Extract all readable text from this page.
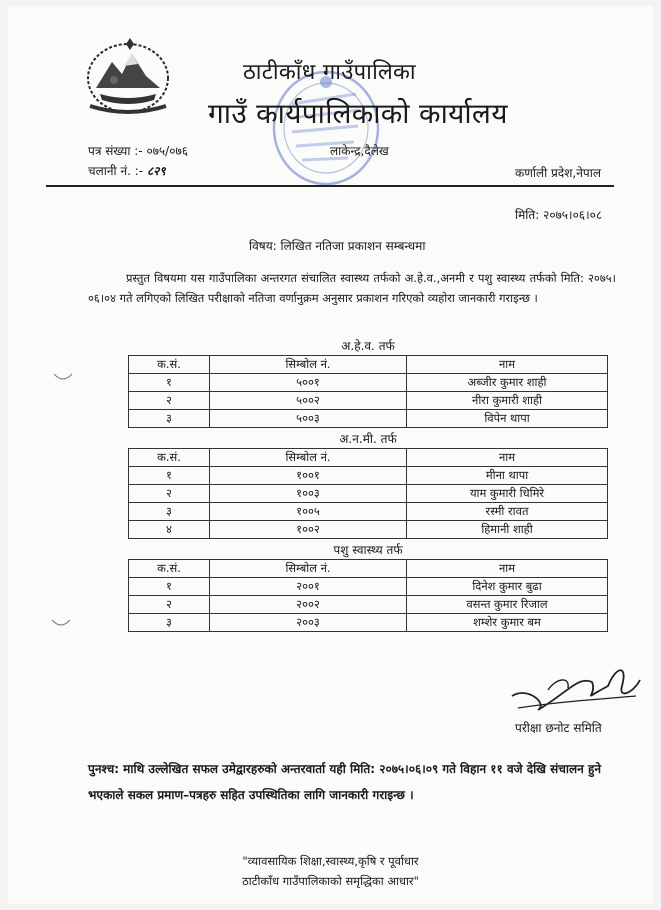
ठाटीकाँध गाउँपालिका
गाउँ कार्यपालिकाको कार्यालय
पत्र संख्या :- ०७५/०७६
चलानी नं. :- ८२९
लाकेन्द्र,दैलेख
कर्णाली प्रदेश,नेपाल
मिति: २०७५।०६।०८
विषय: लिखित नतिजा प्रकाशन सम्बन्धमा
प्रस्तुत विषयमा यस गाउँपालिका अन्तरगत संचालित स्वास्थ्य तर्फको अ.हे.व.,अनमी र पशु स्वास्थ्य तर्फको मिति: २०७५।०६।०४ गते लगिएको लिखित परीक्षाको नतिजा वर्णानुक्रम अनुसार प्रकाशन गरिएको व्यहोरा जानकारी गराइन्छ ।
अ.हे.व. तर्फ
क.सं.	सिम्बोल नं.	नाम
१	५००१	अब्जीर कुमार शाही
२	५००२	नीरा कुमारी शाही
३	५००३	विपेन थापा
अ.न.मी. तर्फ
क.सं.	सिम्बोल नं.	नाम
१	१००१	मीना थापा
२	१००३	याम कुमारी धिमिरे
३	१००५	रस्मी रावत
४	१००२	हिमानी शाही
पशु स्वास्थ्य तर्फ
क.सं.	सिम्बोल नं.	नाम
१	२००१	दिनेश कुमार बुढा
२	२००२	वसन्त कुमार रिजाल
३	२००३	शम्शेर कुमार बम
परीक्षा छनोट समिति
पुनश्च: माथि उल्लेखित सफल उमेद्वारहरुको अन्तरवार्ता यही मिति: २०७५।०६।०९ गते विहान ११ वजे देखि संचालन हुने भएकाले सकल प्रमाण–पत्रहरु सहित उपस्थितिका लागि जानकारी गराइन्छ ।
"व्यावसायिक शिक्षा,स्वास्थ्य,कृषि र पूर्वाधार
ठाटीकाँध गाउँपालिकाको समृद्धिका आधार"
